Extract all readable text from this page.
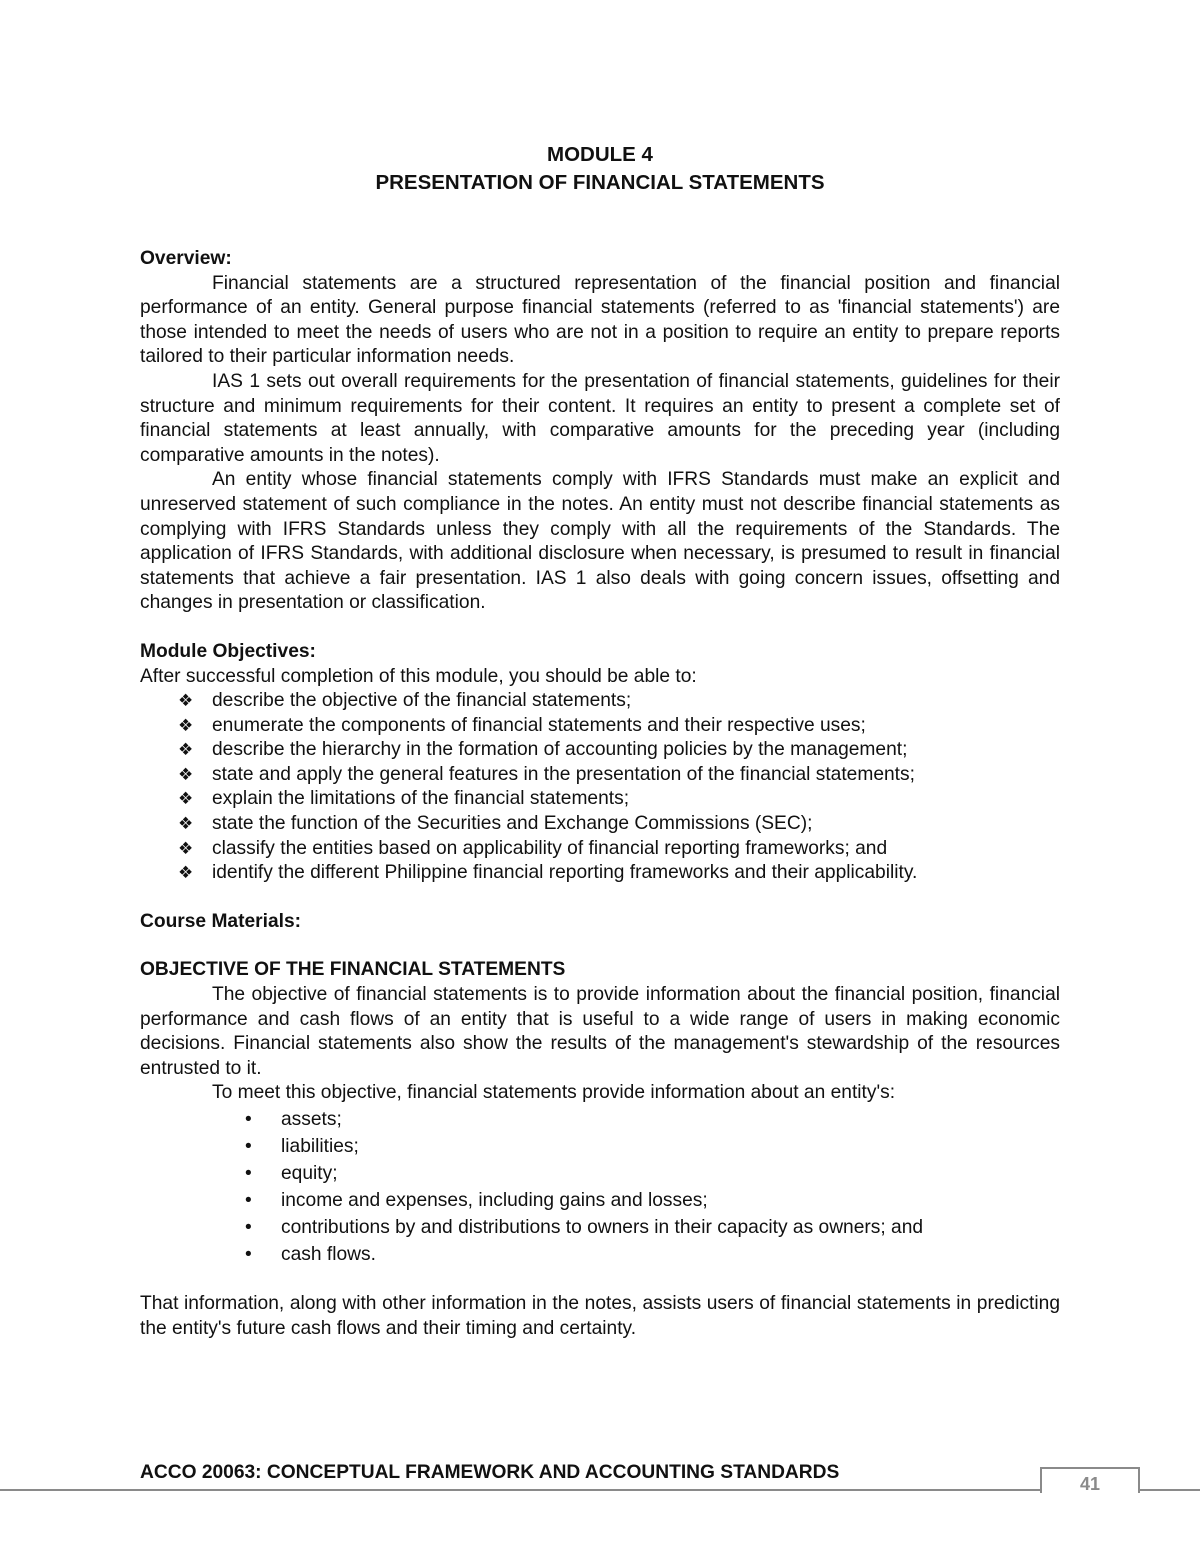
MODULE 4
PRESENTATION OF FINANCIAL STATEMENTS
Overview:
Financial statements are a structured representation of the financial position and financial performance of an entity. General purpose financial statements (referred to as 'financial statements') are those intended to meet the needs of users who are not in a position to require an entity to prepare reports tailored to their particular information needs.
IAS 1 sets out overall requirements for the presentation of financial statements, guidelines for their structure and minimum requirements for their content. It requires an entity to present a complete set of financial statements at least annually, with comparative amounts for the preceding year (including comparative amounts in the notes).
An entity whose financial statements comply with IFRS Standards must make an explicit and unreserved statement of such compliance in the notes. An entity must not describe financial statements as complying with IFRS Standards unless they comply with all the requirements of the Standards. The application of IFRS Standards, with additional disclosure when necessary, is presumed to result in financial statements that achieve a fair presentation. IAS 1 also deals with going concern issues, offsetting and changes in presentation or classification.
Module Objectives:
After successful completion of this module, you should be able to:
❖ describe the objective of the financial statements;
❖ enumerate the components of financial statements and their respective uses;
❖ describe the hierarchy in the formation of accounting policies by the management;
❖ state and apply the general features in the presentation of the financial statements;
❖ explain the limitations of the financial statements;
❖ state the function of the Securities and Exchange Commissions (SEC);
❖ classify the entities based on applicability of financial reporting frameworks; and
❖ identify the different Philippine financial reporting frameworks and their applicability.
Course Materials:
OBJECTIVE OF THE FINANCIAL STATEMENTS
The objective of financial statements is to provide information about the financial position, financial performance and cash flows of an entity that is useful to a wide range of users in making economic decisions. Financial statements also show the results of the management's stewardship of the resources entrusted to it.
To meet this objective, financial statements provide information about an entity's:
• assets;
• liabilities;
• equity;
• income and expenses, including gains and losses;
• contributions by and distributions to owners in their capacity as owners; and
• cash flows.
That information, along with other information in the notes, assists users of financial statements in predicting the entity's future cash flows and their timing and certainty.
ACCO 20063: CONCEPTUAL FRAMEWORK AND ACCOUNTING STANDARDS
41
